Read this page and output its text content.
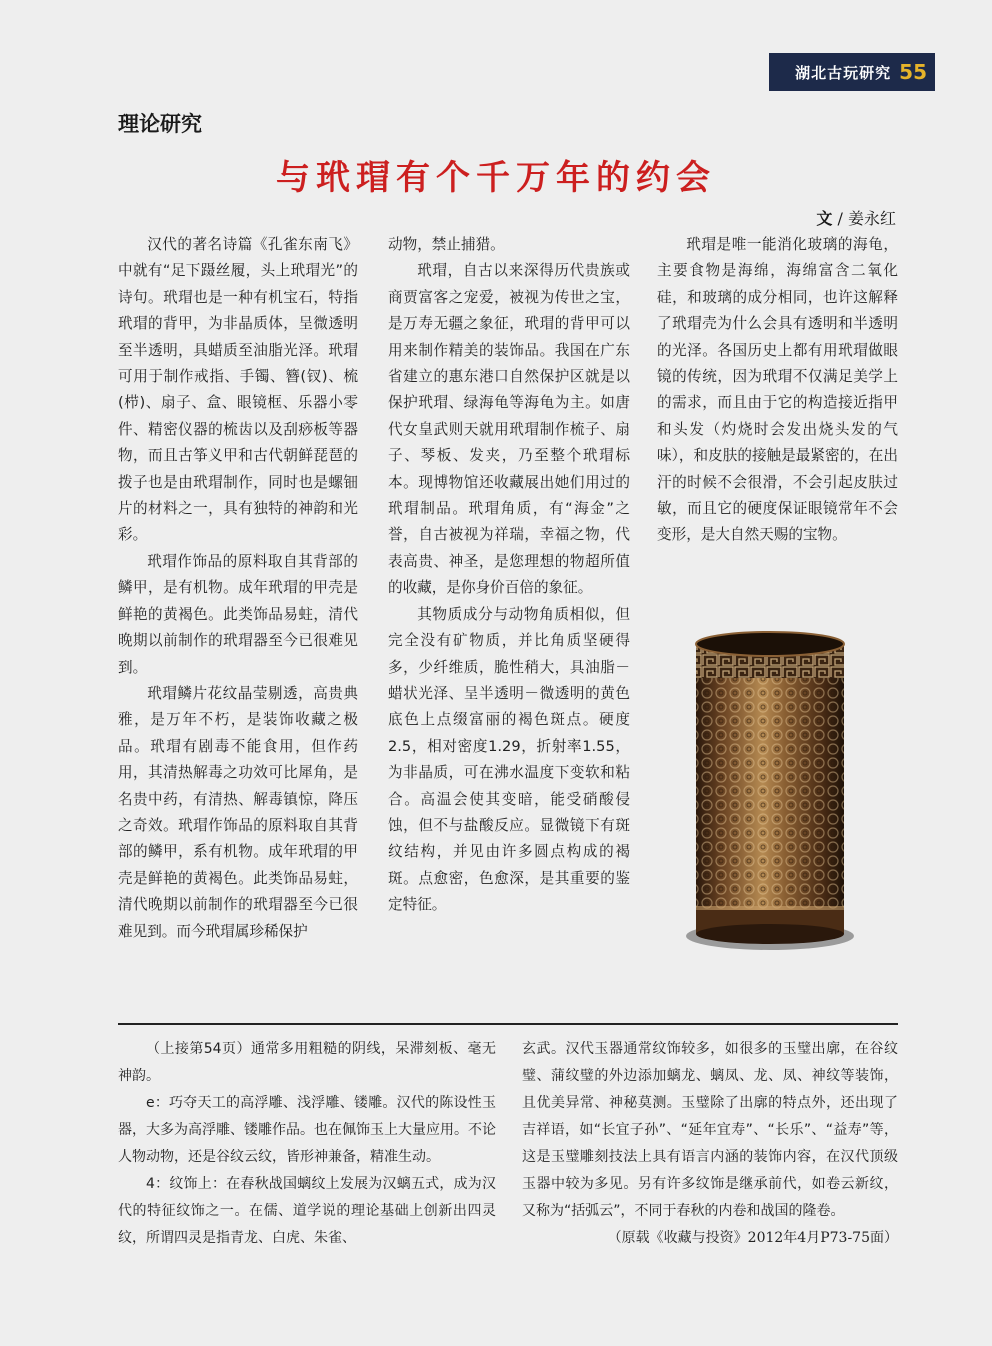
湖北古玩研究 55
理论研究
与玳瑁有个千万年的约会
文 / 姜永红

汉代的著名诗篇《孔雀东南飞》中就有“足下蹑丝履，头上玳瑁光”的诗句。玳瑁也是一种有机宝石，特指玳瑁的背甲，为非晶质体，呈微透明至半透明，具蜡质至油脂光泽。玳瑁可用于制作戒指、手镯、簪(钗)、梳(栉)、扇子、盒、眼镜框、乐器小零件、精密仪器的梳齿以及刮痧板等器物，而且古筝义甲和古代朝鲜琵琶的拨子也是由玳瑁制作，同时也是螺钿片的材料之一，具有独特的神韵和光彩。

玳瑁作饰品的原料取自其背部的鳞甲，是有机物。成年玳瑁的甲壳是鲜艳的黄褐色。此类饰品易蛀，清代晚期以前制作的玳瑁器至今已很难见到。

玳瑁鳞片花纹晶莹剔透，高贵典雅，是万年不朽，是装饰收藏之极品。玳瑁有剧毒不能食用，但作药用，其清热解毒之功效可比犀角，是名贵中药，有清热、解毒镇惊，降压之奇效。玳瑁作饰品的原料取自其背部的鳞甲，系有机物。成年玳瑁的甲壳是鲜艳的黄褐色。此类饰品易蛀，清代晚期以前制作的玳瑁器至今已很难见到。而今玳瑁属珍稀保护

动物，禁止捕猎。

玳瑁，自古以来深得历代贵族或商贾富客之宠爱，被视为传世之宝，是万寿无疆之象征，玳瑁的背甲可以用来制作精美的装饰品。我国在广东省建立的惠东港口自然保护区就是以保护玳瑁、绿海龟等海龟为主。如唐代女皇武则天就用玳瑁制作梳子、扇子、琴板、发夹，乃至整个玳瑁标本。现博物馆还收藏展出她们用过的玳瑁制品。玳瑁角质，有“海金”之誉，自古被视为祥瑞，幸福之物，代表高贵、神圣，是您理想的物超所值的收藏，是你身价百倍的象征。

其物质成分与动物角质相似，但完全没有矿物质，并比角质坚硬得多，少纤维质，脆性稍大，具油脂－蜡状光泽、呈半透明－微透明的黄色底色上点缀富丽的褐色斑点。硬度2.5，相对密度1.29，折射率1.55，为非晶质，可在沸水温度下变软和粘合。高温会使其变暗，能受硝酸侵蚀，但不与盐酸反应。显微镜下有斑纹结构，并见由许多圆点构成的褐斑。点愈密，色愈深，是其重要的鉴定特征。

玳瑁是唯一能消化玻璃的海龟，主要食物是海绵，海绵富含二氧化硅，和玻璃的成分相同，也许这解释了玳瑁壳为什么会具有透明和半透明的光泽。各国历史上都有用玳瑁做眼镜的传统，因为玳瑁不仅满足美学上的需求，而且由于它的构造接近指甲和头发（灼烧时会发出烧头发的气味），和皮肤的接触是最紧密的，在出汗的时候不会很滑，不会引起皮肤过敏，而且它的硬度保证眼镜常年不会变形，是大自然天赐的宝物。

（上接第54页）通常多用粗糙的阴线，呆滞刻板、毫无神韵。

e：巧夺天工的高浮雕、浅浮雕、镂雕。汉代的陈设性玉器，大多为高浮雕、镂雕作品。也在佩饰玉上大量应用。不论人物动物，还是谷纹云纹，皆形神兼备，精准生动。

4：纹饰上：在春秋战国螭纹上发展为汉螭五式，成为汉代的特征纹饰之一。在儒、道学说的理论基础上创新出四灵纹，所谓四灵是指青龙、白虎、朱雀、

玄武。汉代玉器通常纹饰较多，如很多的玉璧出廓，在谷纹璧、蒲纹璧的外边添加螭龙、螭凤、龙、凤、神纹等装饰，且优美异常、神秘莫测。玉璧除了出廓的特点外，还出现了吉祥语，如“长宜子孙”、“延年宜寿”、“长乐”、“益寿”等，这是玉璧雕刻技法上具有语言内涵的装饰内容，在汉代顶级玉器中较为多见。另有许多纹饰是继承前代，如卷云新纹，又称为“括弧云”，不同于春秋的内卷和战国的隆卷。

（原载《收藏与投资》2012年4月P73-75面）
